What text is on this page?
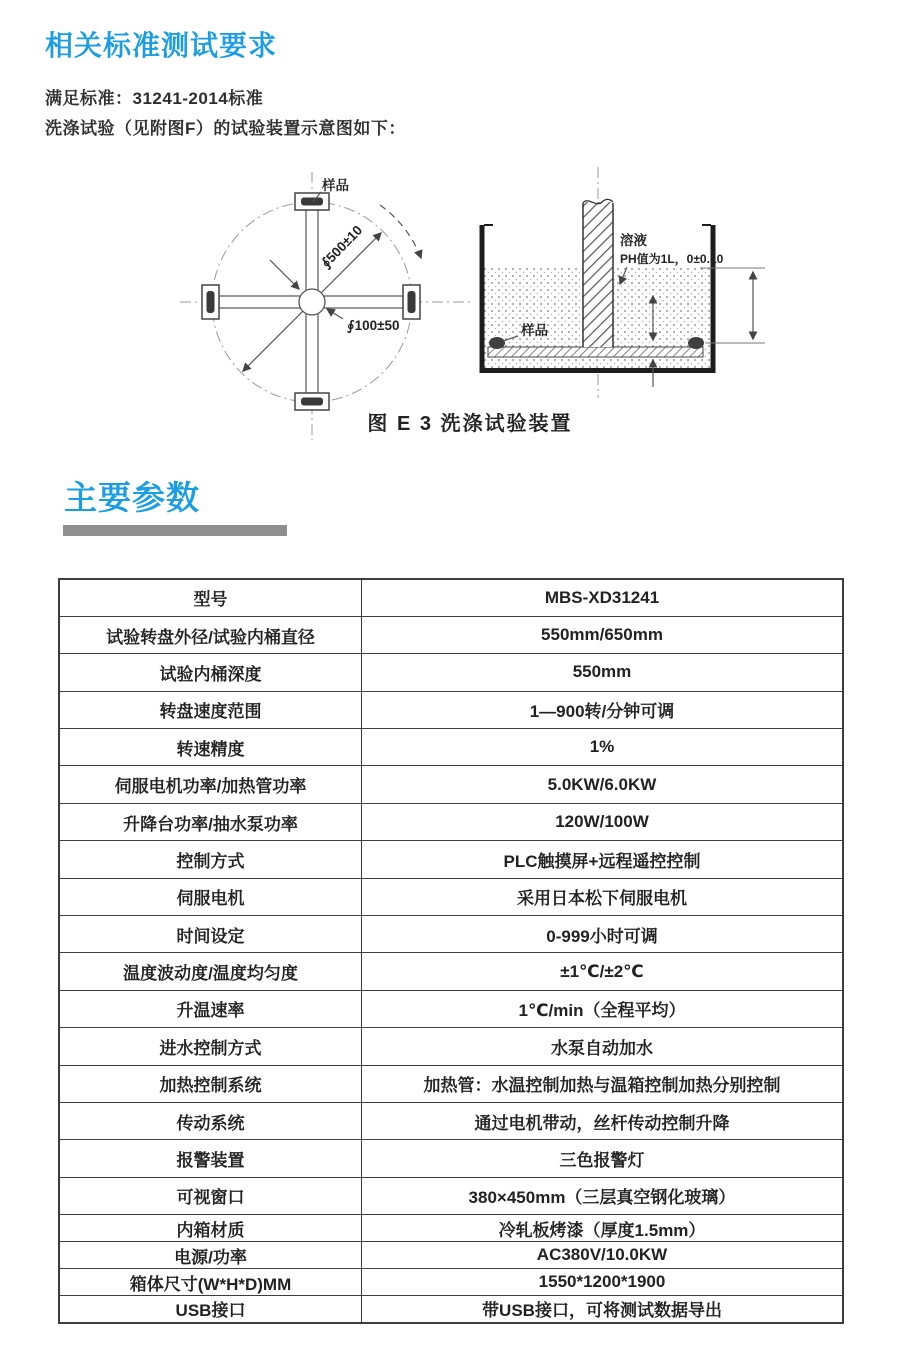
相关标准测试要求
满足标准：31241-2014标准
洗涤试验（见附图F）的试验装置示意图如下：
样品
∮500±10
∮100±50
溶液
PH值为1L，0±0.10
样品
图 E 3 洗涤试验装置
主要参数
型号	MBS-XD31241
试验转盘外径/试验内桶直径	550mm/650mm
试验内桶深度	550mm
转盘速度范围	1—900转/分钟可调
转速精度	1%
伺服电机功率/加热管功率	5.0KW/6.0KW
升降台功率/抽水泵功率	120W/100W
控制方式	PLC触摸屏+远程遥控控制
伺服电机	采用日本松下伺服电机
时间设定	0-999小时可调
温度波动度/温度均匀度	±1℃/±2℃
升温速率	1℃/min（全程平均）
进水控制方式	水泵自动加水
加热控制系统	加热管：水温控制加热与温箱控制加热分别控制
传动系统	通过电机带动，丝杆传动控制升降
报警装置	三色报警灯
可视窗口	380×450mm（三层真空钢化玻璃）
内箱材质	冷轧板烤漆（厚度1.5mm）
电源/功率	AC380V/10.0KW
箱体尺寸(W*H*D)MM	1550*1200*1900
USB接口	带USB接口，可将测试数据导出
